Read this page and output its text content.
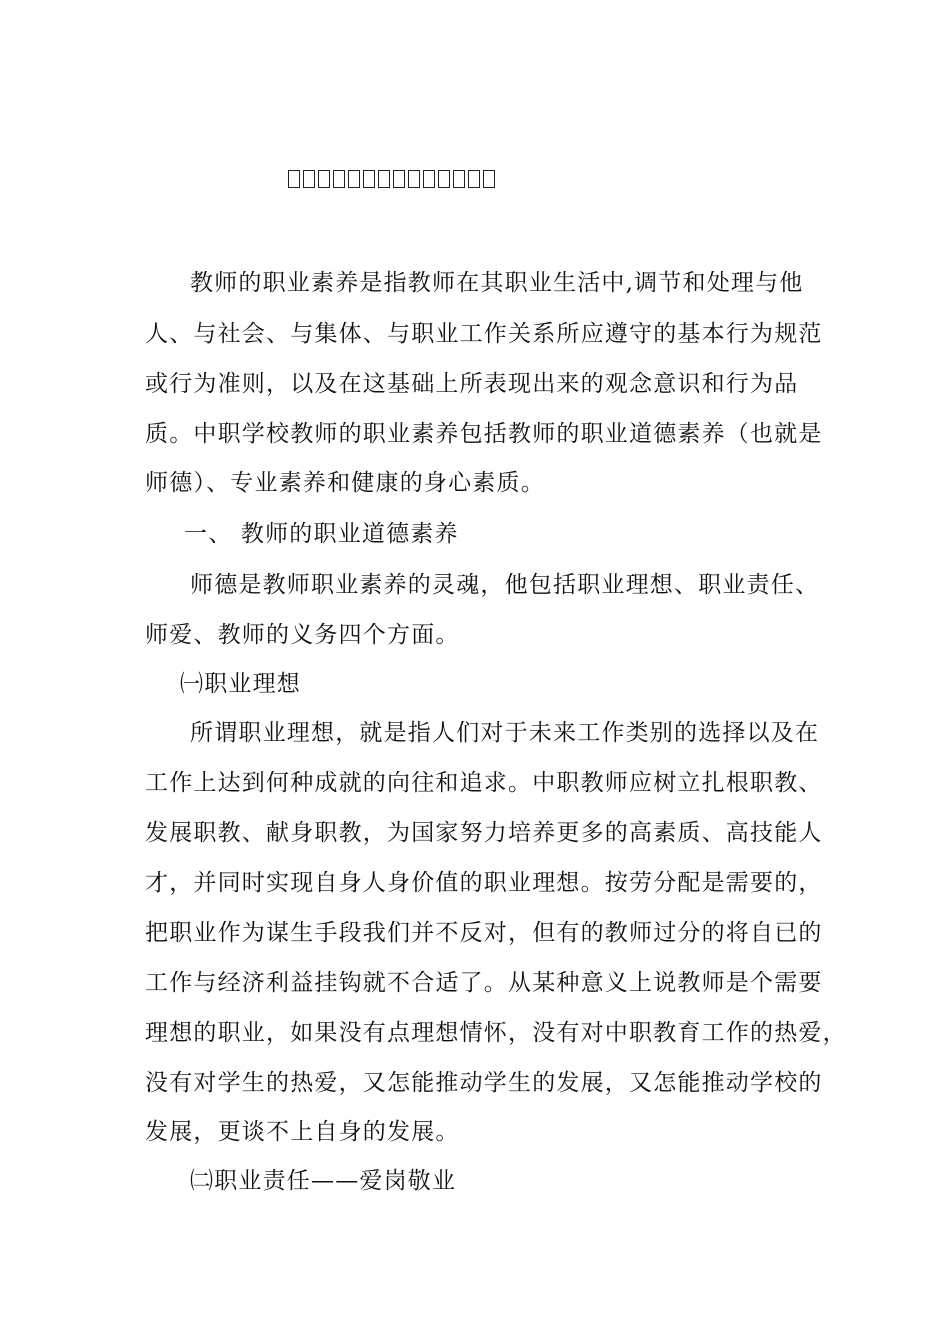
教师的职业素养是指教师在其职业生活中,调节和处理与他
人、与社会、与集体、与职业工作关系所应遵守的基本行为规范
或行为准则，以及在这基础上所表现出来的观念意识和行为品
质。中职学校教师的职业素养包括教师的职业道德素养（也就是
师德）、专业素养和健康的身心素质。
一、 教师的职业道德素养
师德是教师职业素养的灵魂，他包括职业理想、职业责任、
师爱、教师的义务四个方面。
㈠职业理想
所谓职业理想，就是指人们对于未来工作类别的选择以及在
工作上达到何种成就的向往和追求。中职教师应树立扎根职教、
发展职教、献身职教，为国家努力培养更多的高素质、高技能人
才，并同时实现自身人身价值的职业理想。按劳分配是需要的，
把职业作为谋生手段我们并不反对，但有的教师过分的将自已的
工作与经济利益挂钩就不合适了。从某种意义上说教师是个需要
理想的职业，如果没有点理想情怀，没有对中职教育工作的热爱，
没有对学生的热爱，又怎能推动学生的发展，又怎能推动学校的
发展，更谈不上自身的发展。
㈡职业责任——爱岗敬业
